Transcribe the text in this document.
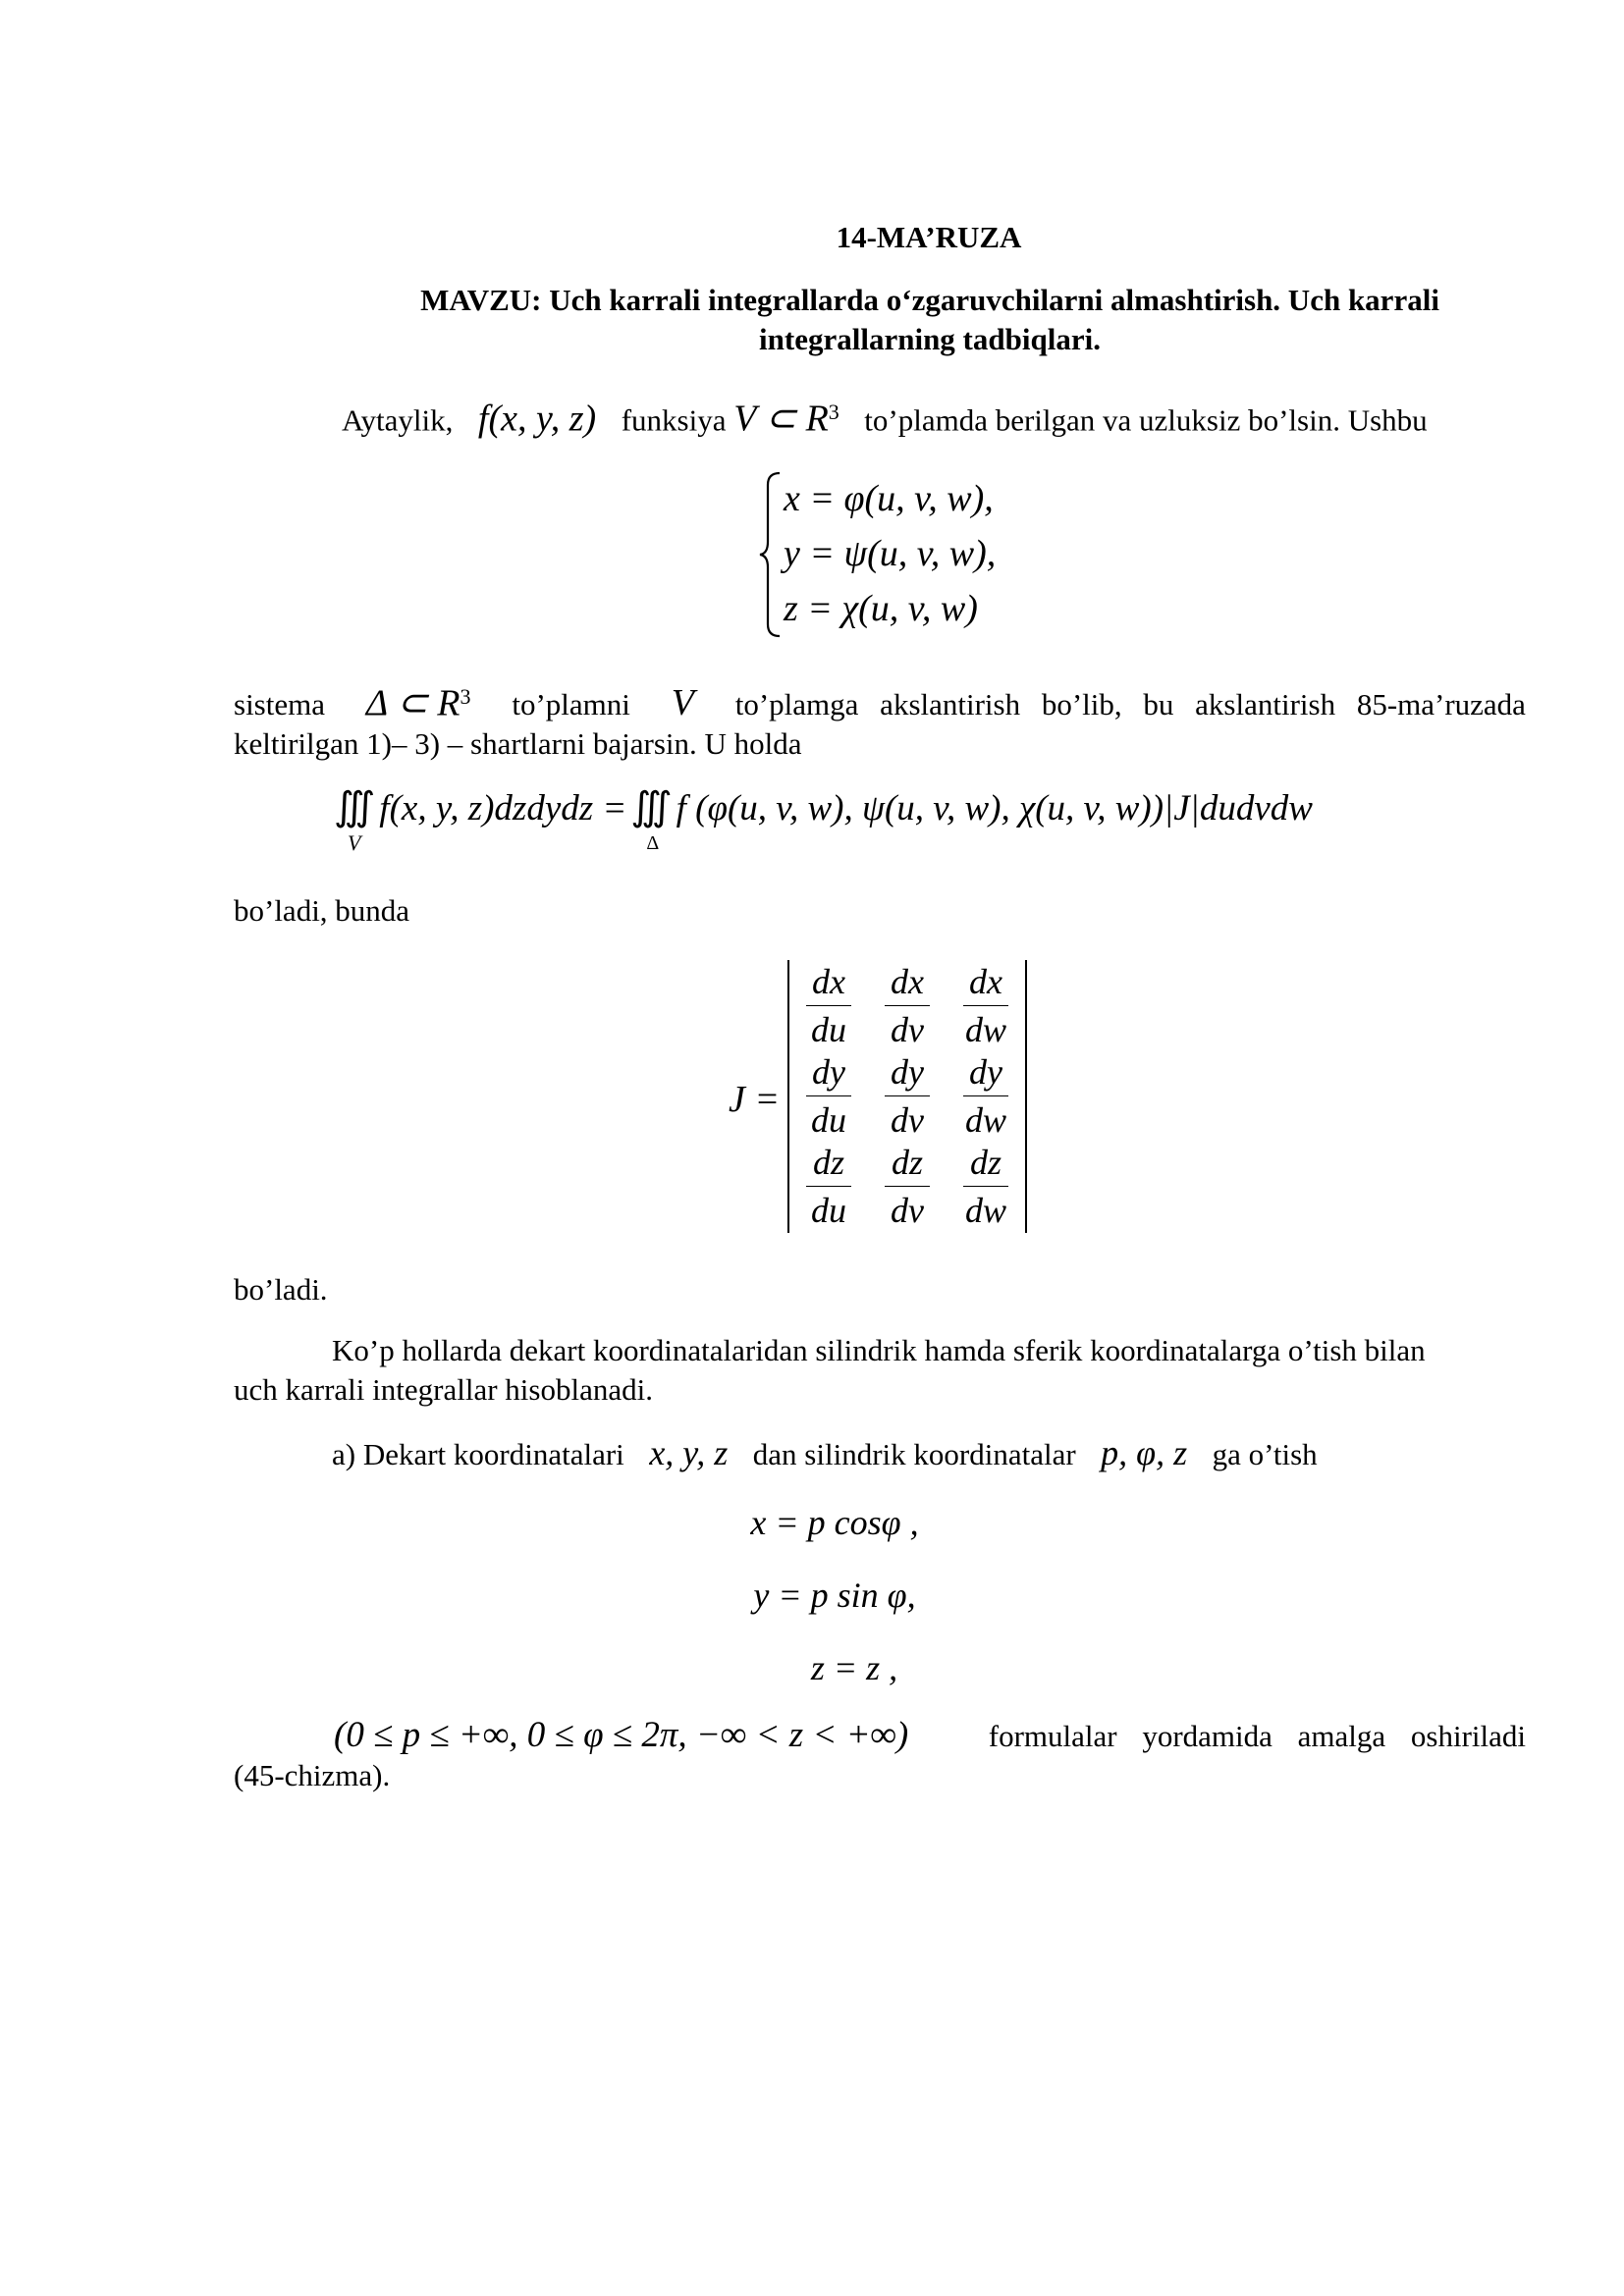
14-MA’RUZA
MAVZU: Uch karrali integrallarda o‘zgaruvchilarni almashtirish. Uch karrali
integrallarning tadbiqlari.
Aytaylik, f(x, y, z) funksiya V ⊂ $R^3$ to’plamda berilgan va uzluksiz bo’lsin. Ushbu
x = φ(u, v, w),
y = ψ(u, v, w),
z = χ(u, v, w)
sistema Δ ⊂ $R^3$ to’plamni V to’plamga akslantirish bo’lib, bu akslantirish 85-ma’ruzada
keltirilgan 1)– 3) – shartlarni bajarsin. U holda
∭
V
f(x, y, z)dzdydz = ∭
Δ
f (φ(u, v, w), ψ(u, v, w), χ(u, v, w))|J|dudvdw
bo’ladi, bunda
J =
dx
du
dx
dv
dx
dw
dy
du
dy
dv
dy
dw
dz
du
dz
dv
dz
dw
bo’ladi.
Ko’p hollarda dekart koordinatalaridan silindrik hamda sferik koordinatalarga o’tish bilan
uch karrali integrallar hisoblanadi.
a) Dekart koordinatalari x, y, z dan silindrik koordinatalar p, φ, z ga o’tish
x = p cosφ ,
y = p sin φ,
z = z ,
(0 ≤ p ≤ +∞, 0 ≤ φ ≤ 2π, −∞ < z < +∞)	formulalar yordamida amalga oshiriladi
(45-chizma).
